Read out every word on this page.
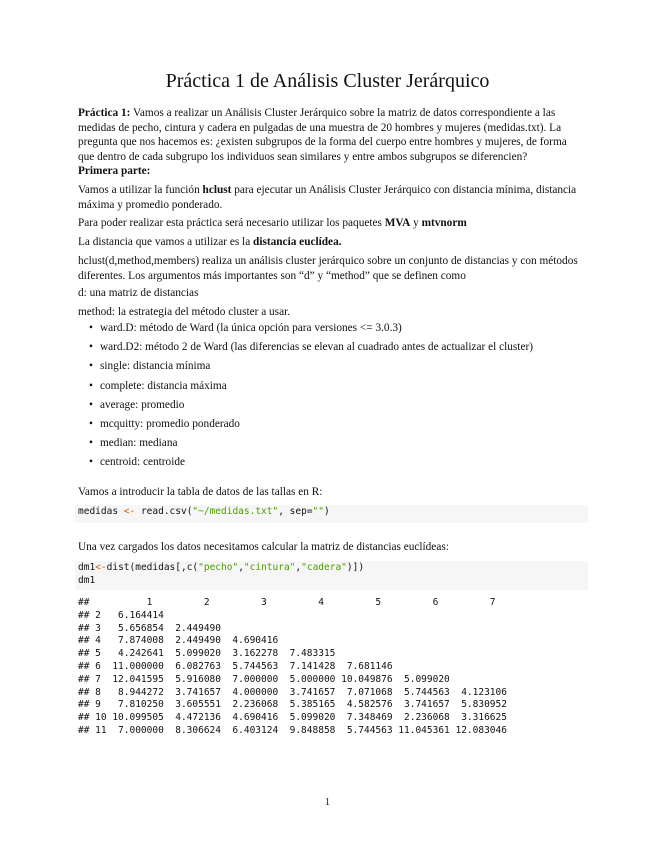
Práctica 1 de Análisis Cluster Jerárquico

Práctica 1: Vamos a realizar un Análisis Cluster Jerárquico sobre la matriz de datos correspondiente a las medidas de pecho, cintura y cadera en pulgadas de una muestra de 20 hombres y mujeres (medidas.txt). La pregunta que nos hacemos es: ¿existen subgrupos de la forma del cuerpo entre hombres y mujeres, de forma que dentro de cada subgrupo los individuos sean similares y entre ambos subgrupos se diferencien?

Primera parte:

Vamos a utilizar la función hclust para ejecutar un Análisis Cluster Jerárquico con distancia mínima, distancia máxima y promedio ponderado.

Para poder realizar esta práctica será necesario utilizar los paquetes MVA y mtvnorm

La distancia que vamos a utilizar es la distancia euclídea.

hclust(d,method,members) realiza un análisis cluster jerárquico sobre un conjunto de distancias y con métodos diferentes. Los argumentos más importantes son “d” y “method” que se definen como

d: una matriz de distancias

method: la estrategia del método cluster a usar.

• ward.D: método de Ward (la única opción para versiones <= 3.0.3)
• ward.D2: método 2 de Ward (las diferencias se elevan al cuadrado antes de actualizar el cluster)
• single: distancia mínima
• complete: distancia máxima
• average: promedio
• mcquitty: promedio ponderado
• median: mediana
• centroid: centroide

Vamos a introducir la tabla de datos de las tallas en R:

medidas <- read.csv("~/medidas.txt", sep="")

Una vez cargados los datos necesitamos calcular la matriz de distancias euclídeas:

dm1<-dist(medidas[,c("pecho","cintura","cadera")])
dm1
##          1         2         3         4         5         6         7
## 2   6.164414
## 3   5.656854  2.449490
## 4   7.874008  2.449490  4.690416
## 5   4.242641  5.099020  3.162278  7.483315
## 6  11.000000  6.082763  5.744563  7.141428  7.681146
## 7  12.041595  5.916080  7.000000  5.000000 10.049876  5.099020
## 8   8.944272  3.741657  4.000000  3.741657  7.071068  5.744563  4.123106
## 9   7.810250  3.605551  2.236068  5.385165  4.582576  3.741657  5.830952
## 10 10.099505  4.472136  4.690416  5.099020  7.348469  2.236068  3.316625
## 11  7.000000  8.306624  6.403124  9.848858  5.744563 11.045361 12.083046
1
